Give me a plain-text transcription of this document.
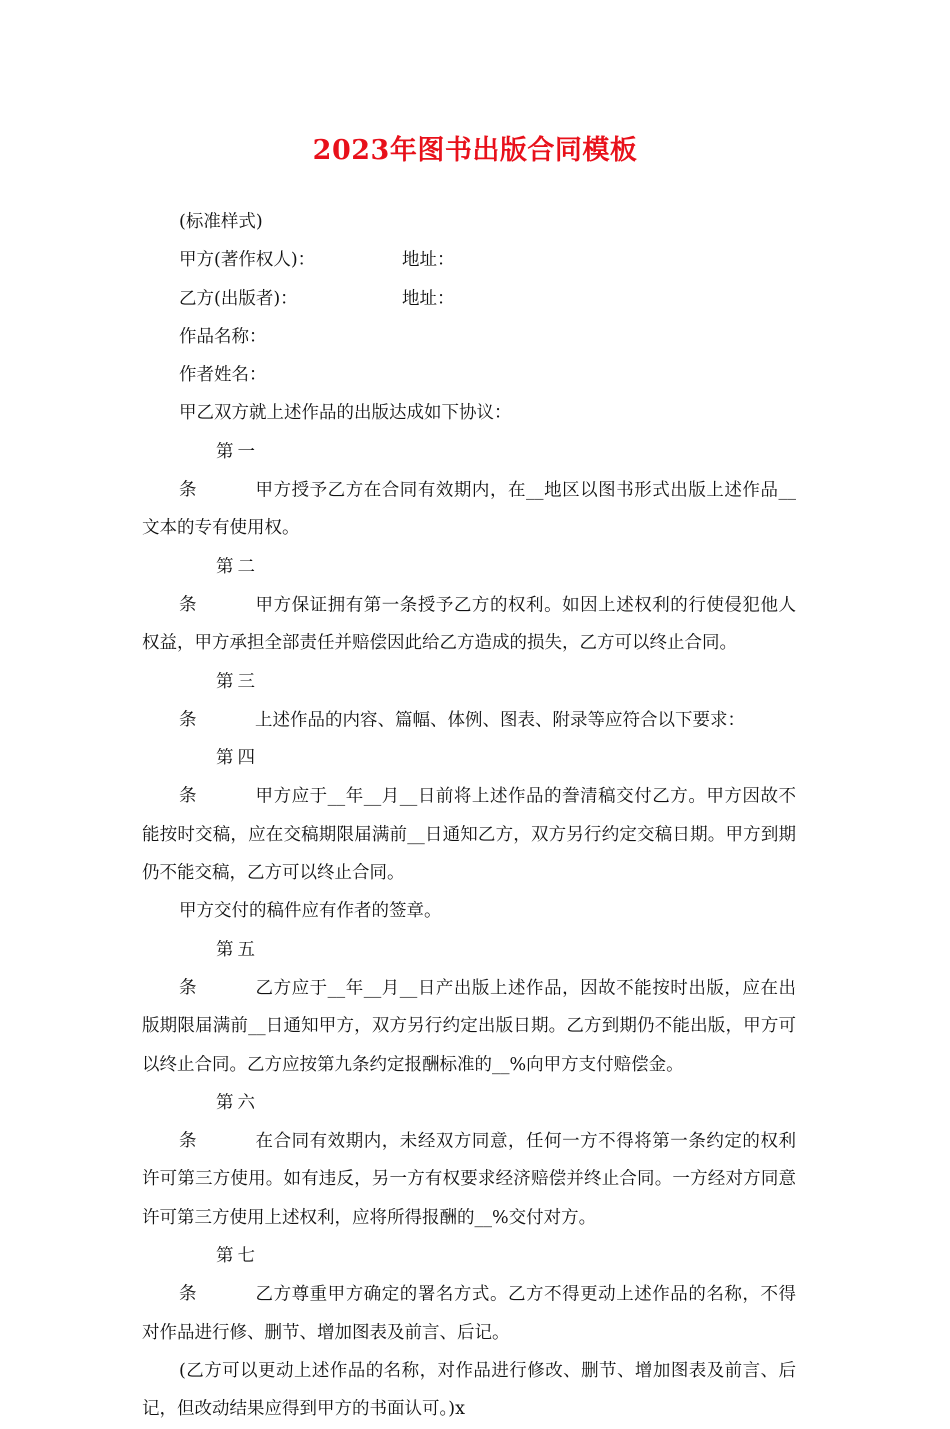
2023年图书出版合同模板

(标准样式)

甲方(著作权人)：	地址：
乙方(出版者)：	地址：

作品名称：

作者姓名：

甲乙双方就上述作品的出版达成如下协议：

第一条	甲方授予乙方在合同有效期内，在__地区以图书形式出版上述作品__文本的专有使用权。

第二条	甲方保证拥有第一条授予乙方的权利。如因上述权利的行使侵犯他人权益，甲方承担全部责任并赔偿因此给乙方造成的损失，乙方可以终止合同。

第三条	上述作品的内容、篇幅、体例、图表、附录等应符合以下要求：

第四条	甲方应于__年__月__日前将上述作品的誊清稿交付乙方。甲方因故不能按时交稿，应在交稿期限届满前__日通知乙方，双方另行约定交稿日期。甲方到期仍不能交稿，乙方可以终止合同。

甲方交付的稿件应有作者的签章。

第五条	乙方应于__年__月__日产出版上述作品，因故不能按时出版，应在出版期限届满前__日通知甲方，双方另行约定出版日期。乙方到期仍不能出版，甲方可以终止合同。乙方应按第九条约定报酬标准的__%向甲方支付赔偿金。

第六条	在合同有效期内，未经双方同意，任何一方不得将第一条约定的权利许可第三方使用。如有违反，另一方有权要求经济赔偿并终止合同。一方经对方同意许可第三方使用上述权利，应将所得报酬的__%交付对方。

第七条	乙方尊重甲方确定的署名方式。乙方不得更动上述作品的名称，不得对作品进行修、删节、增加图表及前言、后记。

(乙方可以更动上述作品的名称，对作品进行修改、删节、增加图表及前言、后记，但改动结果应得到甲方的书面认可。)x
